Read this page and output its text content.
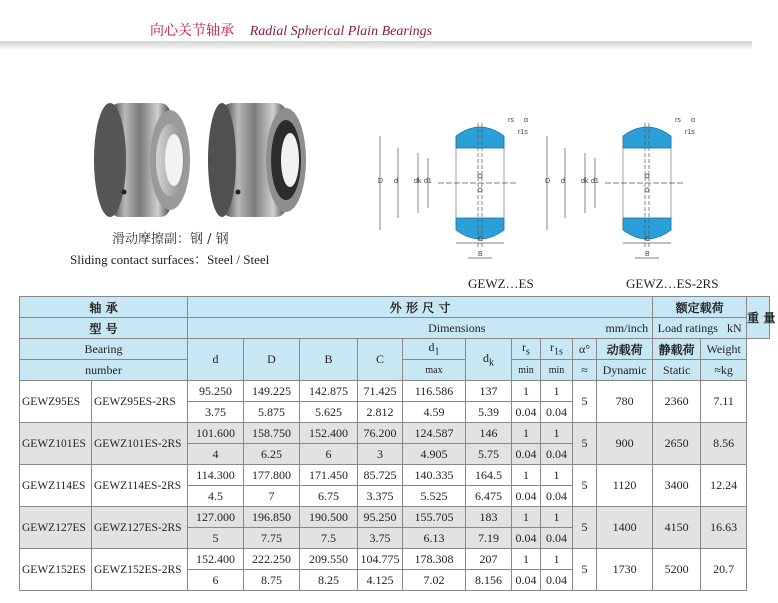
向心关节轴承 Radial Spherical Plain Bearings
滑动摩擦副：钢 / 钢
Sliding contact surfaces：Steel / Steel
D d dk d1
C
B
rs
r1s
α
D d dk d1
C
B
rs
r1s
α
GEWZ…ES	GEWZ…ES-2RS
轴 承		外 形 尺 寸										额定载荷		重 量
型 号		Dimensions mm/inch										Load ratings kN		
Bearing		d	D	B	C	$d_1$	$d_k$	$r_s$	$r_{1s}$	α°	动载荷	静载荷	Weight	
number						max		min	min	≈	Dynamic	Static	≈kg	
GEWZ95ES	GEWZ95ES-2RS	95.250	149.225	142.875	71.425	116.586	137	1	1	5	780	2360	7.11	
		3.75	5.875	5.625	2.812	4.59	5.39	0.04	0.04					
GEWZ101ES	GEWZ101ES-2RS	101.600	158.750	152.400	76.200	124.587	146	1	1	5	900	2650	8.56	
		4	6.25	6	3	4.905	5.75	0.04	0.04					
GEWZ114ES	GEWZ114ES-2RS	114.300	177.800	171.450	85.725	140.335	164.5	1	1	5	1120	3400	12.24	
		4.5	7	6.75	3.375	5.525	6.475	0.04	0.04					
GEWZ127ES	GEWZ127ES-2RS	127.000	196.850	190.500	95.250	155.705	183	1	1	5	1400	4150	16.63	
		5	7.75	7.5	3.75	6.13	7.19	0.04	0.04					
GEWZ152ES	GEWZ152ES-2RS	152.400	222.250	209.550	104.775	178.308	207	1	1	5	1730	5200	20.7	
		6	8.75	8.25	4.125	7.02	8.156	0.04	0.04					
